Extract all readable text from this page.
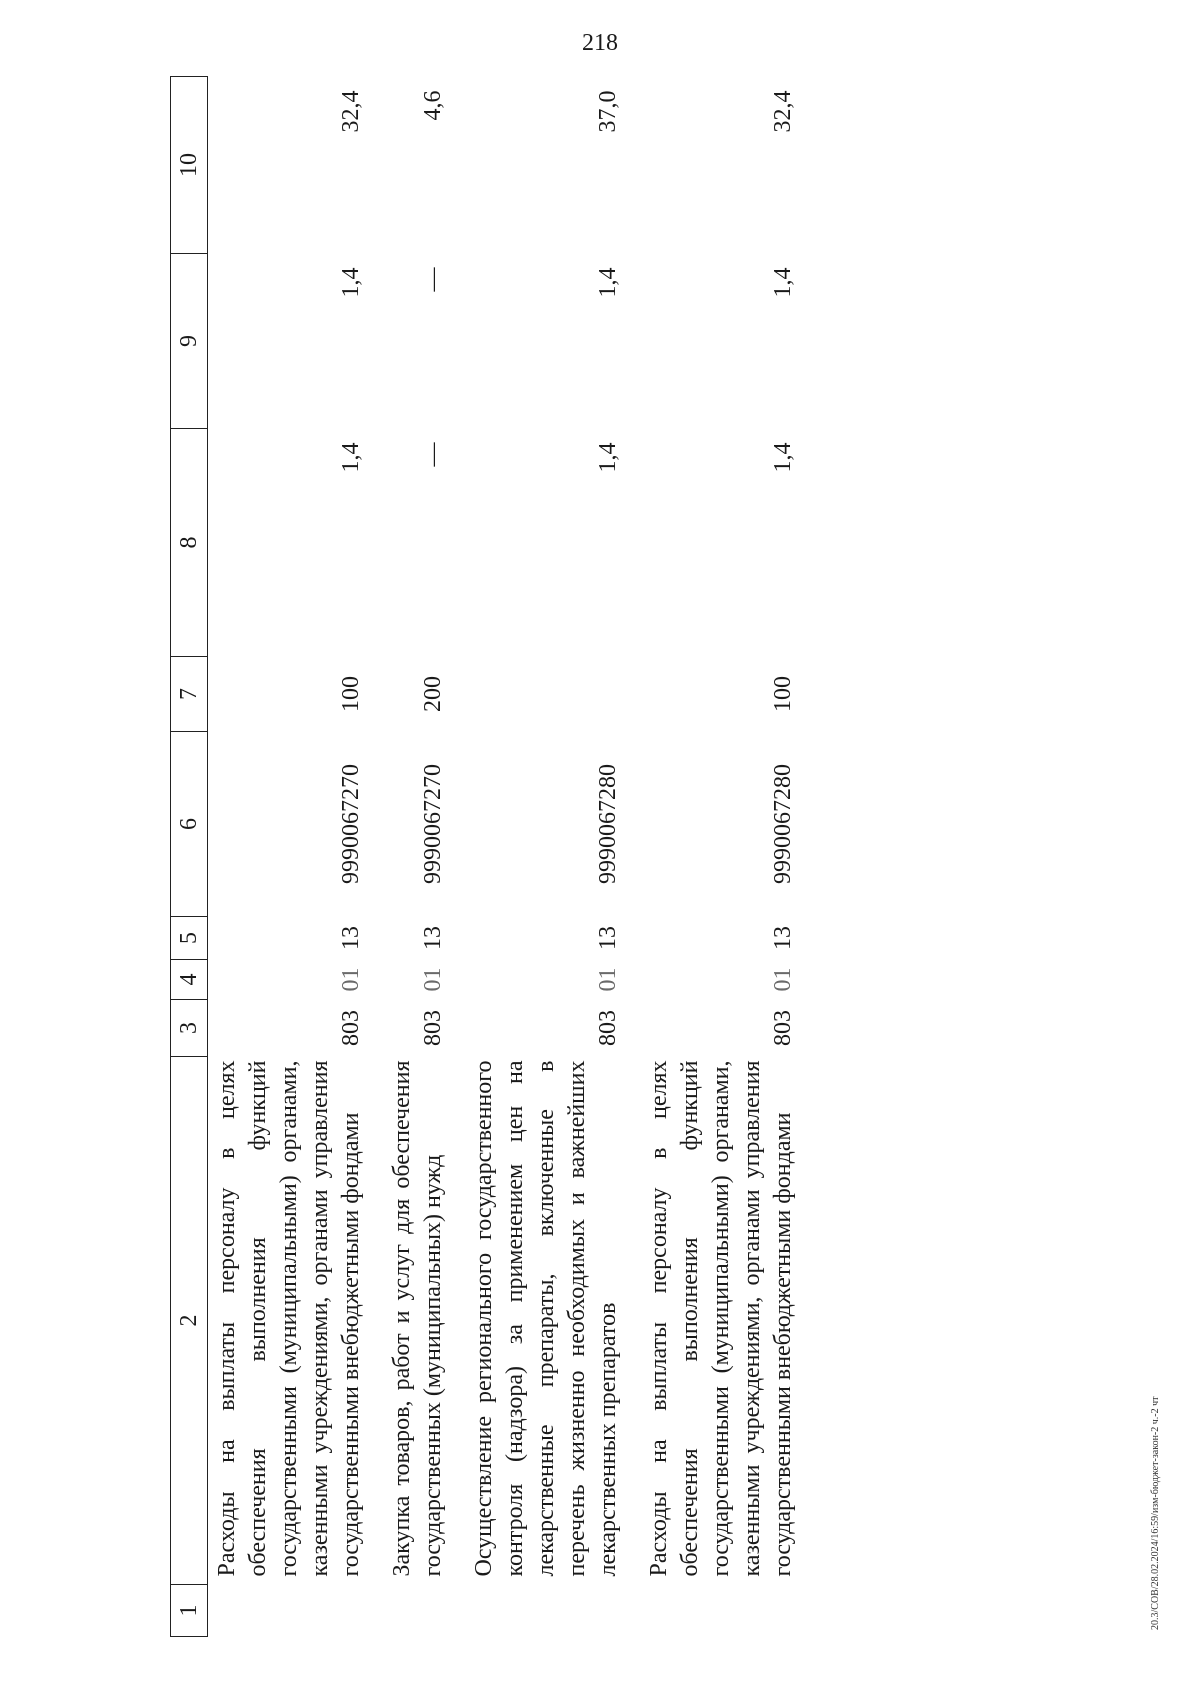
218
1	2	3	4	5	6	7	8	9	10
	Расходы на выплаты персоналу в целях обеспечения выполнения функций государственными (муниципальными) органами, казенными учреждениями, органами управления государственными внебюджетными фондами	803	01	13	9990067270	100	1,4	1,4	32,4

	Закупка товаров, работ и услуг для обеспечения государственных (муниципальных) нужд	803	01	13	9990067270	200	—	—	4,6

	Осуществление регионального государственного контроля (надзора) за применением цен на лекарственные препараты, включенные в перечень жизненно необходимых и важнейших лекарственных препаратов	803	01	13	9990067280		1,4	1,4	37,0

	Расходы на выплаты персоналу в целях обеспечения выполнения функций государственными (муниципальными) органами, казенными учреждениями, органами управления государственными внебюджетными фондами	803	01	13	9990067280	100	1,4	1,4	32,4
20.3/СОВ/28.02.2024/16:59/изм-бюджет-закон-2 ч.-2 чт
